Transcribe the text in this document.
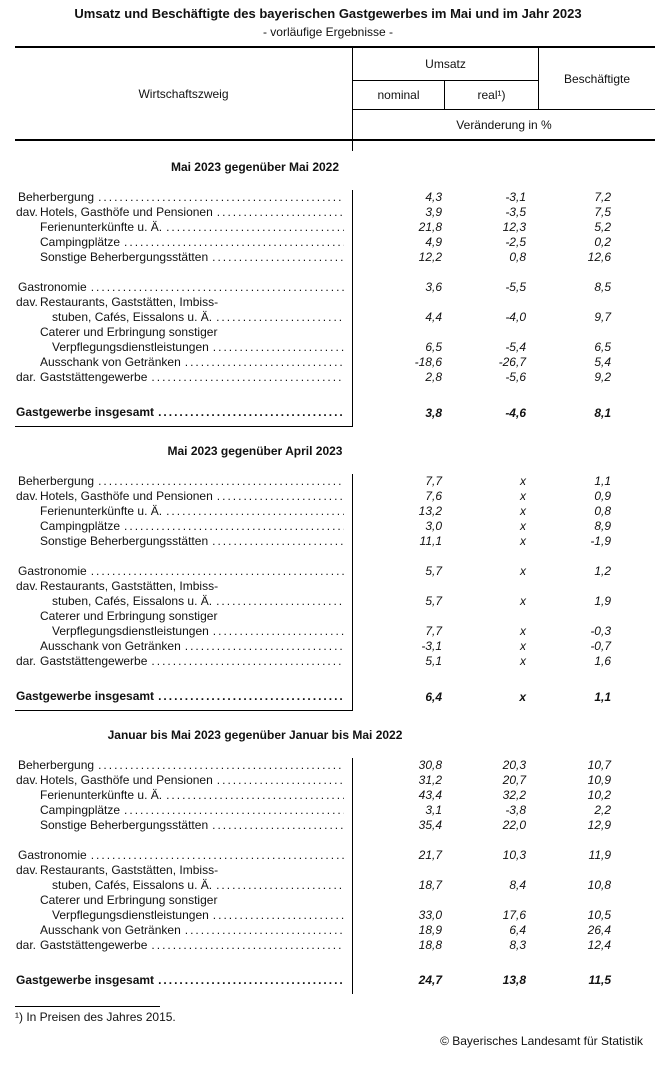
Umsatz und Beschäftigte des bayerischen Gastgewerbes im Mai und im Jahr 2023
- vorläufige Ergebnisse -
Wirtschaftszweig
Umsatz
Beschäftigte
nominal	real¹)
Veränderung in %
Mai 2023 gegenüber Mai 2022
Beherbergung .....	4,3	-3,1	7,2
dav. Hotels, Gasthöfe und Pensionen .....	3,9	-3,5	7,5
Ferienunterkünfte u. Ä. .....	21,8	12,3	5,2
Campingplätze .....	4,9	-2,5	0,2
Sonstige Beherbergungsstätten .....	12,2	0,8	12,6
Gastronomie .....	3,6	-5,5	8,5
dav. Restaurants, Gaststätten, Imbiss-
stuben, Cafés, Eissalons u. Ä. .....	4,4	-4,0	9,7
Caterer und Erbringung sonstiger
Verpflegungsdienstleistungen .....	6,5	-5,4	6,5
Ausschank von Getränken .....	-18,6	-26,7	5,4
dar. Gaststättengewerbe .....	2,8	-5,6	9,2
Gastgewerbe insgesamt .....	3,8	-4,6	8,1
Mai 2023 gegenüber April 2023
Beherbergung .....	7,7	x	1,1
dav. Hotels, Gasthöfe und Pensionen .....	7,6	x	0,9
Ferienunterkünfte u. Ä. .....	13,2	x	0,8
Campingplätze .....	3,0	x	8,9
Sonstige Beherbergungsstätten .....	11,1	x	-1,9
Gastronomie .....	5,7	x	1,2
dav. Restaurants, Gaststätten, Imbiss-
stuben, Cafés, Eissalons u. Ä. .....	5,7	x	1,9
Caterer und Erbringung sonstiger
Verpflegungsdienstleistungen .....	7,7	x	-0,3
Ausschank von Getränken .....	-3,1	x	-0,7
dar. Gaststättengewerbe .....	5,1	x	1,6
Gastgewerbe insgesamt .....	6,4	x	1,1
Januar bis Mai 2023 gegenüber Januar bis Mai 2022
Beherbergung .....	30,8	20,3	10,7
dav. Hotels, Gasthöfe und Pensionen .....	31,2	20,7	10,9
Ferienunterkünfte u. Ä. .....	43,4	32,2	10,2
Campingplätze .....	3,1	-3,8	2,2
Sonstige Beherbergungsstätten .....	35,4	22,0	12,9
Gastronomie .....	21,7	10,3	11,9
dav. Restaurants, Gaststätten, Imbiss-
stuben, Cafés, Eissalons u. Ä. .....	18,7	8,4	10,8
Caterer und Erbringung sonstiger
Verpflegungsdienstleistungen .....	33,0	17,6	10,5
Ausschank von Getränken .....	18,9	6,4	26,4
dar. Gaststättengewerbe .....	18,8	8,3	12,4
Gastgewerbe insgesamt .....	24,7	13,8	11,5
¹) In Preisen des Jahres 2015.
© Bayerisches Landesamt für Statistik
